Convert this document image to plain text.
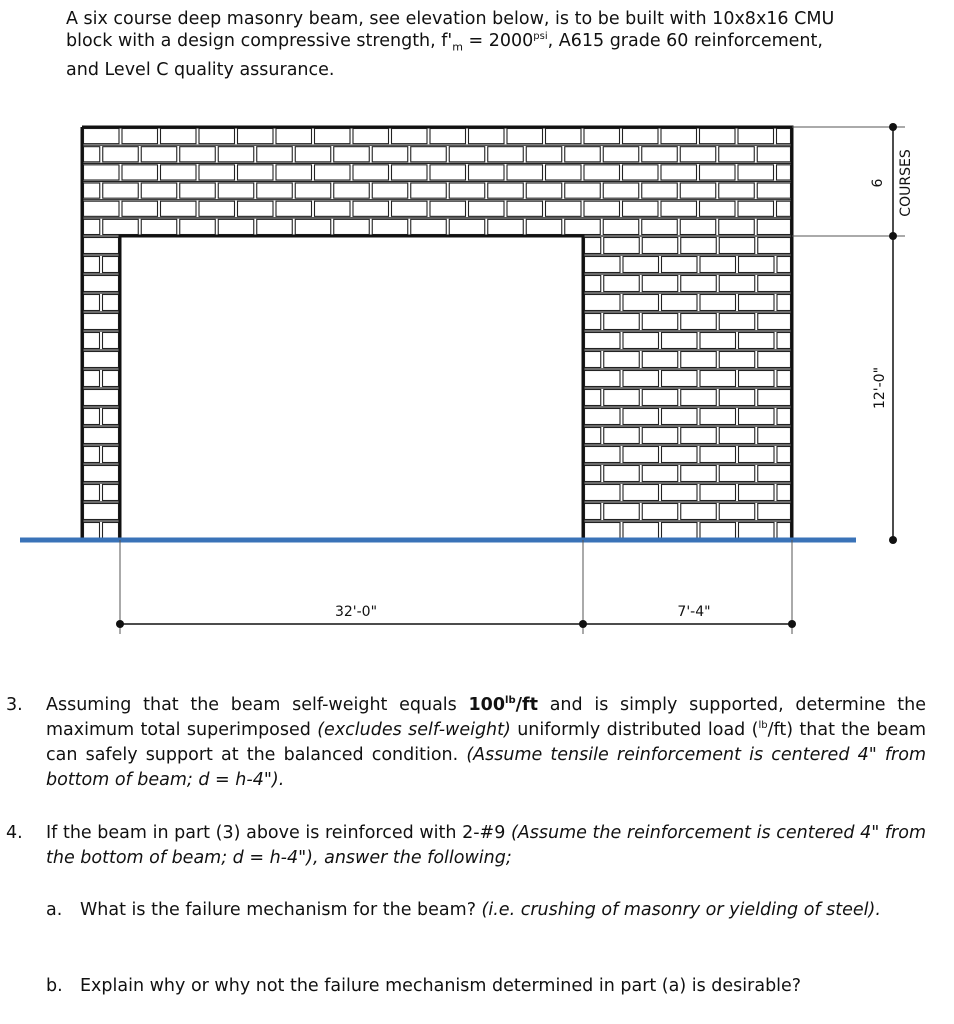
A six course deep masonry beam, see elevation below, is to be built with 10x8x16 CMU

block with a design compressive strength, $f'_m = 2000^{psi}$, A615 grade 60 reinforcement,

and Level C quality assurance.

32'-0"	7'-4"
6 COURSES
12'-0"
3. Assuming that the beam self-weight equals $100^{lb}/ft$ and is simply supported, determine the maximum total superimposed (excludes self-weight) uniformly distributed load ($^{lb}$/ft) that the beam can safely support at the balanced condition. (Assume tensile reinforcement is centered 4" from bottom of beam; d = h-4").
4. If the beam in part (3) above is reinforced with 2-#9 (Assume the reinforcement is centered 4" from the bottom of beam; d = h-4"), answer the following;
a. What is the failure mechanism for the beam? (i.e. crushing of masonry or yielding of steel).
b. Explain why or why not the failure mechanism determined in part (a) is desirable?
